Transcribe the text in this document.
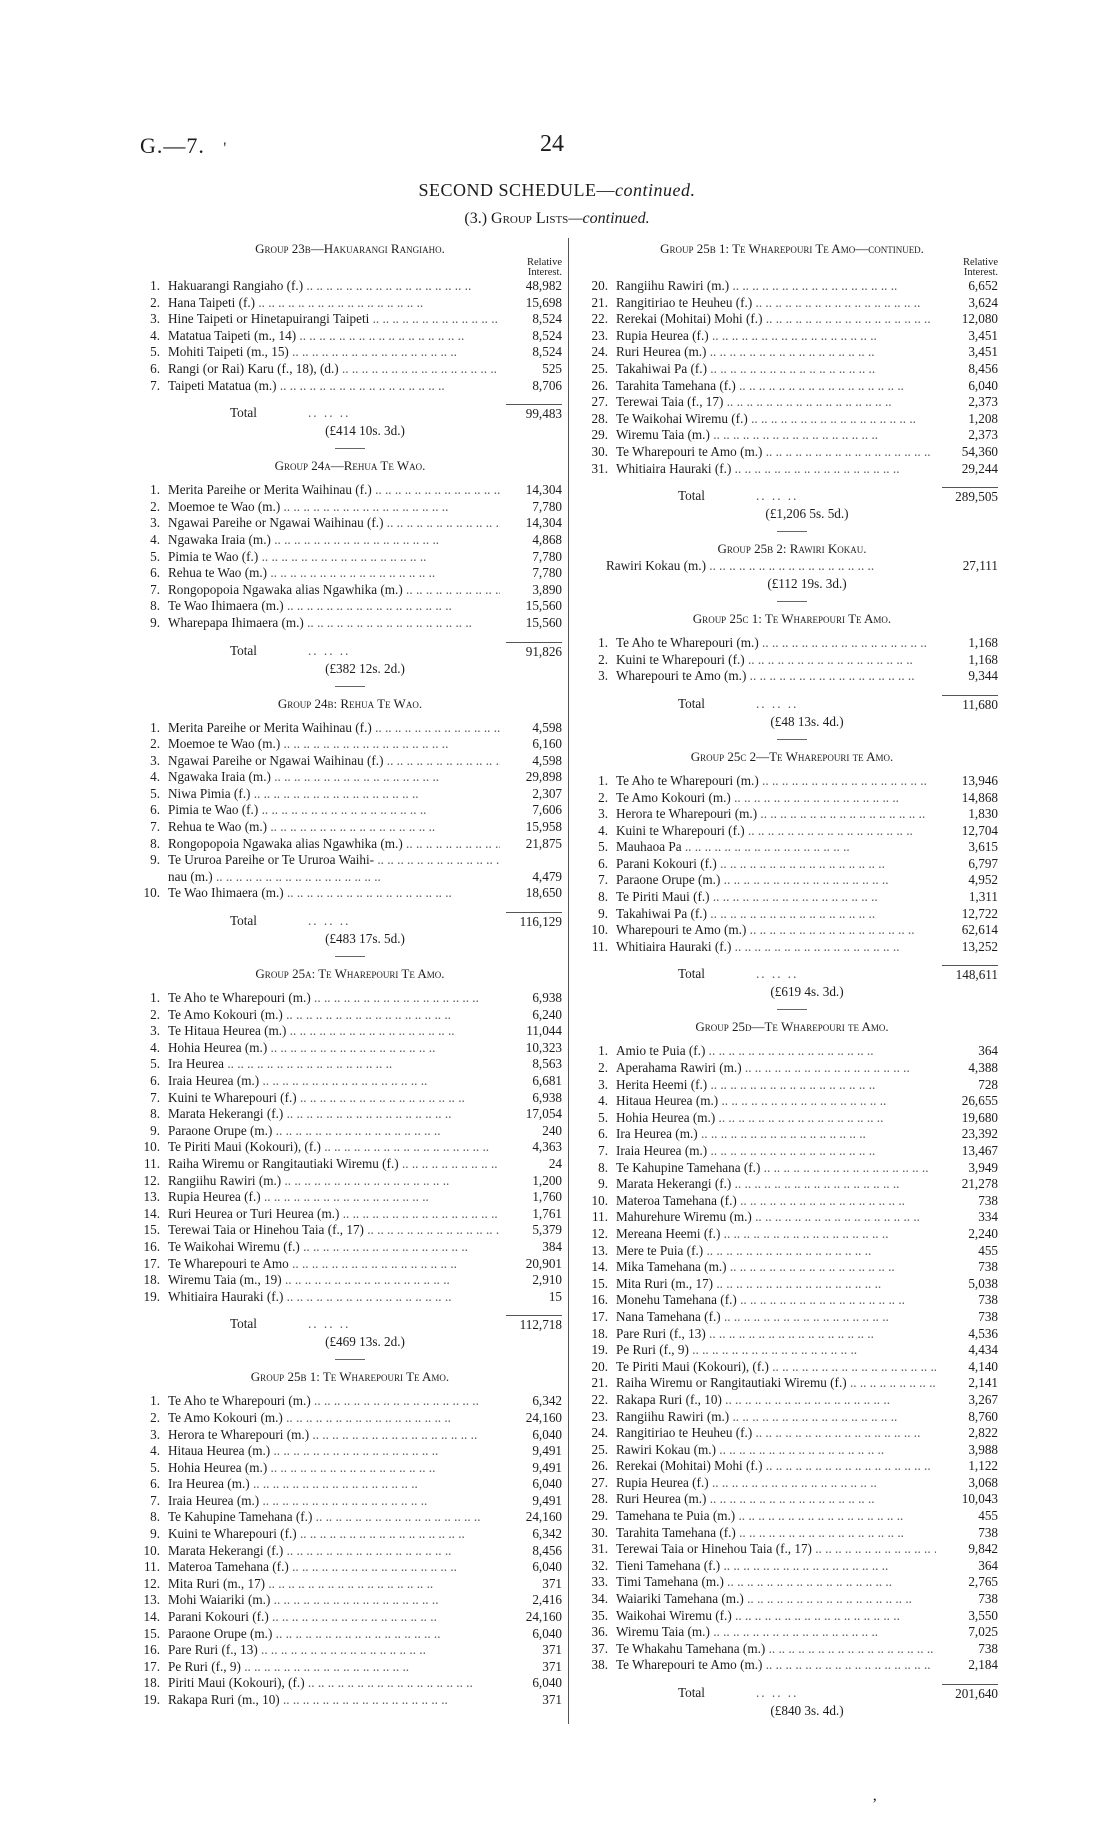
G.—7. '	24
SECOND SCHEDULE—continued.
(3.) Group Lists—continued.
Group 23b—Hakuarangi Rangiaho.
Relative Interest.
1. Hakuarangi Rangiaho (f.) .. .	48,982
2. Hana Taipeti (f.) .. .	15,698
3. Hine Taipeti or Hinetapuirangi Taipeti .. .	8,524
4. Matatua Taipeti (m., 14) .. .	8,524
5. Mohiti Taipeti (m., 15) .. .	8,524
6. Rangi (or Rai) Karu (f., 18), (d.) .. .	525
7. Taipeti Matatua (m.) .. .	8,706
Total	.. .. ..	99,483
(£414 10s. 3d.)
Group 24a—Rehua Te Wao.
1. Merita Pareihe or Merita Waihinau (f.) .. .	14,304
2. Moemoe te Wao (m.) .. .	7,780
3. Ngawai Pareihe or Ngawai Waihinau (f.) .. .	14,304
4. Ngawaka Iraia (m.) .. .	4,868
5. Pimia te Wao (f.) .. .	7,780
6. Rehua te Wao (m.) .. .	7,780
7. Rongopopoia Ngawaka alias Ngawhika (m.) .. .	3,890
8. Te Wao Ihimaera (m.) .. .	15,560
9. Wharepapa Ihimaera (m.) .. .	15,560
Total	.. .. ..	91,826
(£382 12s. 2d.)
Group 24b: Rehua Te Wao.
1. Merita Pareihe or Merita Waihinau (f.) .. .	4,598
2. Moemoe te Wao (m.) .. .	6,160
3. Ngawai Pareihe or Ngawai Waihinau (f.) .. .	4,598
4. Ngawaka Iraia (m.) .. .	29,898
5. Niwa Pimia (f.) .. .	2,307
6. Pimia te Wao (f.) .. .	7,606
7. Rehua te Wao (m.) .. .	15,958
8. Rongopopoia Ngawaka alias Ngawhika (m.) .. .	21,875
9. Te Ururoa Pareihe or Te Ururoa Waihi- .. .
nau (m.) .. .	4,479
10. Te Wao Ihimaera (m.) .. .	18,650
Total	.. .. ..	116,129
(£483 17s. 5d.)
Group 25a: Te Wharepouri Te Amo.
1. Te Aho te Wharepouri (m.) .. .	6,938
2. Te Amo Kokouri (m.) .. .	6,240
3. Te Hitaua Heurea (m.) .. .	11,044
4. Hohia Heurea (m.) .. .	10,323
5. Ira Heurea .. .	8,563
6. Iraia Heurea (m.) .. .	6,681
7. Kuini te Wharepouri (f.) .. .	6,938
8. Marata Hekerangi (f.) .. .	17,054
9. Paraone Orupe (m.) .. .	240
10. Te Piriti Maui (Kokouri), (f.) .. .	4,363
11. Raiha Wiremu or Rangitautiaki Wiremu (f.) .. .	24
12. Rangiihu Rawiri (m.) .. .	1,200
13. Rupia Heurea (f.) .. .	1,760
14. Ruri Heurea or Turi Heurea (m.) .. .	1,761
15. Terewai Taia or Hinehou Taia (f., 17) .. .	5,379
16. Te Waikohai Wiremu (f.) .. .	384
17. Te Wharepouri te Amo .. .	20,901
18. Wiremu Taia (m., 19) .. .	2,910
19. Whitiaira Hauraki (f.) .. .	15
Total	.. .. ..	112,718
(£469 13s. 2d.)
Group 25b 1: Te Wharepouri Te Amo.
1. Te Aho te Wharepouri (m.) .. .	6,342
2. Te Amo Kokouri (m.) .. .	24,160
3. Herora te Wharepouri (m.) .. .	6,040
4. Hitaua Heurea (m.) .. .	9,491
5. Hohia Heurea (m.) .. .	9,491
6. Ira Heurea (m.) .. .	6,040
7. Iraia Heurea (m.) .. .	9,491
8. Te Kahupine Tamehana (f.) .. .	24,160
9. Kuini te Wharepouri (f.) .. .	6,342
10. Marata Hekerangi (f.) .. .	8,456
11. Materoa Tamehana (f.) .. .	6,040
12. Mita Ruri (m., 17) .. .	371
13. Mohi Waiariki (m.) .. .	2,416
14. Parani Kokouri (f.) .. .	24,160
15. Paraone Orupe (m.) .. .	6,040
16. Pare Ruri (f., 13) .. .	371
17. Pe Ruri (f., 9) .. .	371
18. Piriti Maui (Kokouri), (f.) .. .	6,040
19. Rakapa Ruri (m., 10) .. .	371
Group 25b 1: Te Wharepouri Te Amo—continued.
Relative Interest.
20. Rangiihu Rawiri (m.) .. .	6,652
21. Rangitiriao te Heuheu (f.) .. .	3,624
22. Rerekai (Mohitai) Mohi (f.) .. .	12,080
23. Rupia Heurea (f.) .. .	3,451
24. Ruri Heurea (m.) .. .	3,451
25. Takahiwai Pa (f.) .. .	8,456
26. Tarahita Tamehana (f.) .. .	6,040
27. Terewai Taia (f., 17) .. .	2,373
28. Te Waikohai Wiremu (f.) .. .	1,208
29. Wiremu Taia (m.) .. .	2,373
30. Te Wharepouri te Amo (m.) .. .	54,360
31. Whitiaira Hauraki (f.) .. .	29,244
Total	.. .. ..	289,505
(£1,206 5s. 5d.)
Group 25b 2: Rawiri Kokau.
Rawiri Kokau (m.) .. .	27,111
(£112 19s. 3d.)
Group 25c 1: Te Wharepouri Te Amo.
1. Te Aho te Wharepouri (m.) .. .	1,168
2. Kuini te Wharepouri (f.) .. .	1,168
3. Wharepouri te Amo (m.) .. .	9,344
Total	.. .. ..	11,680
(£48 13s. 4d.)
Group 25c 2—Te Wharepouri te Amo.
1. Te Aho te Wharepouri (m.) .. .	13,946
2. Te Amo Kokouri (m.) .. .	14,868
3. Herora te Wharepouri (m.) .. .	1,830
4. Kuini te Wharepouri (f.) .. .	12,704
5. Mauhaoa Pa .. .	3,615
6. Parani Kokouri (f.) .. .	6,797
7. Paraone Orupe (m.) .. .	4,952
8. Te Piriti Maui (f.) .. .	1,311
9. Takahiwai Pa (f.) .. .	12,722
10. Wharepouri te Amo (m.) .. .	62,614
11. Whitiaira Hauraki (f.) .. .	13,252
Total	.. .. ..	148,611
(£619 4s. 3d.)
Group 25d—Te Wharepouri te Amo.
1. Amio te Puia (f.) .. .	364
2. Aperahama Rawiri (m.) .. .	4,388
3. Herita Heemi (f.) .. .	728
4. Hitaua Heurea (m.) .. .	26,655
5. Hohia Heurea (m.) .. .	19,680
6. Ira Heurea (m.) .. .	23,392
7. Iraia Heurea (m.) .. .	13,467
8. Te Kahupine Tamehana (f.) .. .	3,949
9. Marata Hekerangi (f.) .. .	21,278
10. Materoa Tamehana (f.) .. .	738
11. Mahurehure Wiremu (m.) .. .	334
12. Mereana Heemi (f.) .. .	2,240
13. Mere te Puia (f.) .. .	455
14. Mika Tamehana (m.) .. .	738
15. Mita Ruri (m., 17) .. .	5,038
16. Monehu Tamehana (f.) .. .	738
17. Nana Tamehana (f.) .. .	738
18. Pare Ruri (f., 13) .. .	4,536
19. Pe Ruri (f., 9) .. .	4,434
20. Te Piriti Maui (Kokouri), (f.) .. .	4,140
21. Raiha Wiremu or Rangitautiaki Wiremu (f.) .. .	2,141
22. Rakapa Ruri (f., 10) .. .	3,267
23. Rangiihu Rawiri (m.) .. .	8,760
24. Rangitiriao te Heuheu (f.) .. .	2,822
25. Rawiri Kokau (m.) .. .	3,988
26. Rerekai (Mohitai) Mohi (f.) .. .	1,122
27. Rupia Heurea (f.) .. .	3,068
28. Ruri Heurea (m.) .. .	10,043
29. Tamehana te Puia (m.) .. .	455
30. Tarahita Tamehana (f.) .. .	738
31. Terewai Taia or Hinehou Taia (f., 17) .. .	9,842
32. Tieni Tamehana (f.) .. .	364
33. Timi Tamehana (m.) .. .	2,765
34. Waiariki Tamehana (m.) .. .	738
35. Waikohai Wiremu (f.) .. .	3,550
36. Wiremu Taia (m.) .. .	7,025
37. Te Whakahu Tamehana (m.) .. .	738
38. Te Wharepouri te Amo (m.) .. .	2,184
Total	.. .. ..	201,640
(£840 3s. 4d.)
‚
